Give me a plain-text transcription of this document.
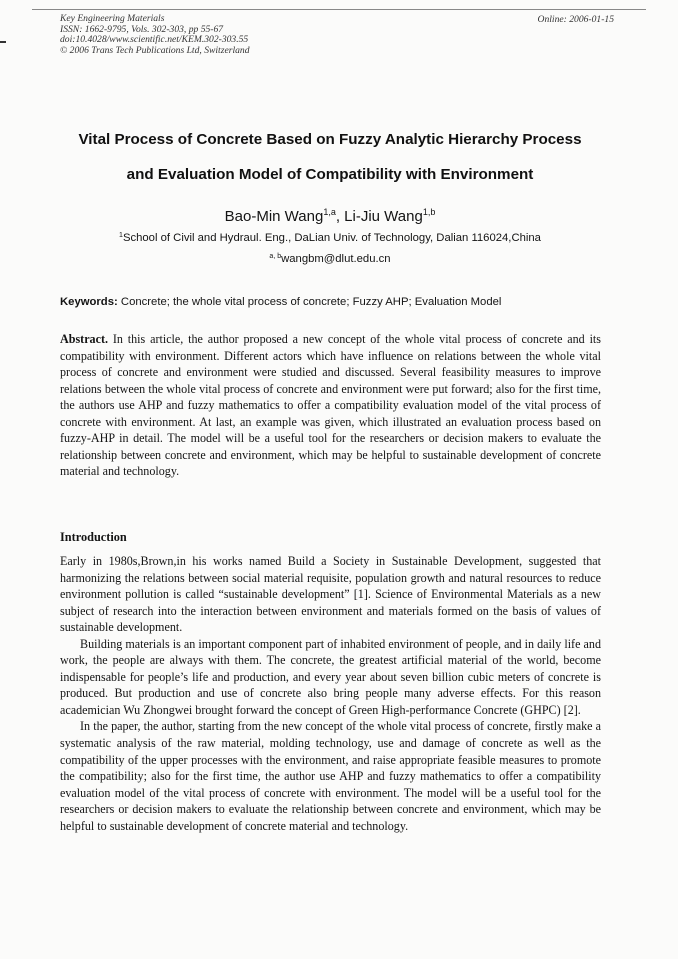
Key Engineering Materials
ISSN: 1662-9795, Vols. 302-303, pp 55-67
doi:10.4028/www.scientific.net/KEM.302-303.55
© 2006 Trans Tech Publications Ltd, Switzerland
Online: 2006-01-15
Vital Process of Concrete Based on Fuzzy Analytic Hierarchy Process
and Evaluation Model of Compatibility with Environment
Bao-Min Wang$^{1,a}$, Li-Jiu Wang$^{1,b}$
$^1$School of Civil and Hydraul. Eng., DaLian Univ. of Technology, Dalian 116024,China
$^{a, b}$wangbm@dlut.edu.cn
Keywords: Concrete; the whole vital process of concrete; Fuzzy AHP; Evaluation Model
Abstract. In this article, the author proposed a new concept of the whole vital process of concrete and its compatibility with environment. Different actors which have influence on relations between the whole vital process of concrete and environment were studied and discussed. Several feasibility measures to improve relations between the whole vital process of concrete and environment were put forward; also for the first time, the authors use AHP and fuzzy mathematics to offer a compatibility evaluation model of the vital process of concrete with environment. At last, an example was given, which illustrated an evaluation process based on fuzzy-AHP in detail. The model will be a useful tool for the researchers or decision makers to evaluate the relationship between concrete and environment, which may be helpful to sustainable development of concrete material and technology.
Introduction

Early in 1980s,Brown,in his works named Build a Society in Sustainable Development, suggested that harmonizing the relations between social material requisite, population growth and natural resources to reduce environment pollution is called “sustainable development” [1]. Science of Environmental Materials as a new subject of research into the interaction between environment and materials formed on the basis of values of sustainable development.

Building materials is an important component part of inhabited environment of people, and in daily life and work, the people are always with them. The concrete, the greatest artificial material of the world, become indispensable for people’s life and production, and every year about seven billion cubic meters of concrete is produced. But production and use of concrete also bring people many adverse effects. For this reason academician Wu Zhongwei brought forward the concept of Green High-performance Concrete (GHPC) [2].

In the paper, the author, starting from the new concept of the whole vital process of concrete, firstly make a systematic analysis of the raw material, molding technology, use and damage of concrete as well as the compatibility of the upper processes with the environment, and raise appropriate feasible measures to promote the compatibility; also for the first time, the author use AHP and fuzzy mathematics to offer a compatibility evaluation model of the vital process of concrete with environment. The model will be a useful tool for the researchers or decision makers to evaluate the relationship between concrete and environment, which may be helpful to sustainable development of concrete material and technology.
